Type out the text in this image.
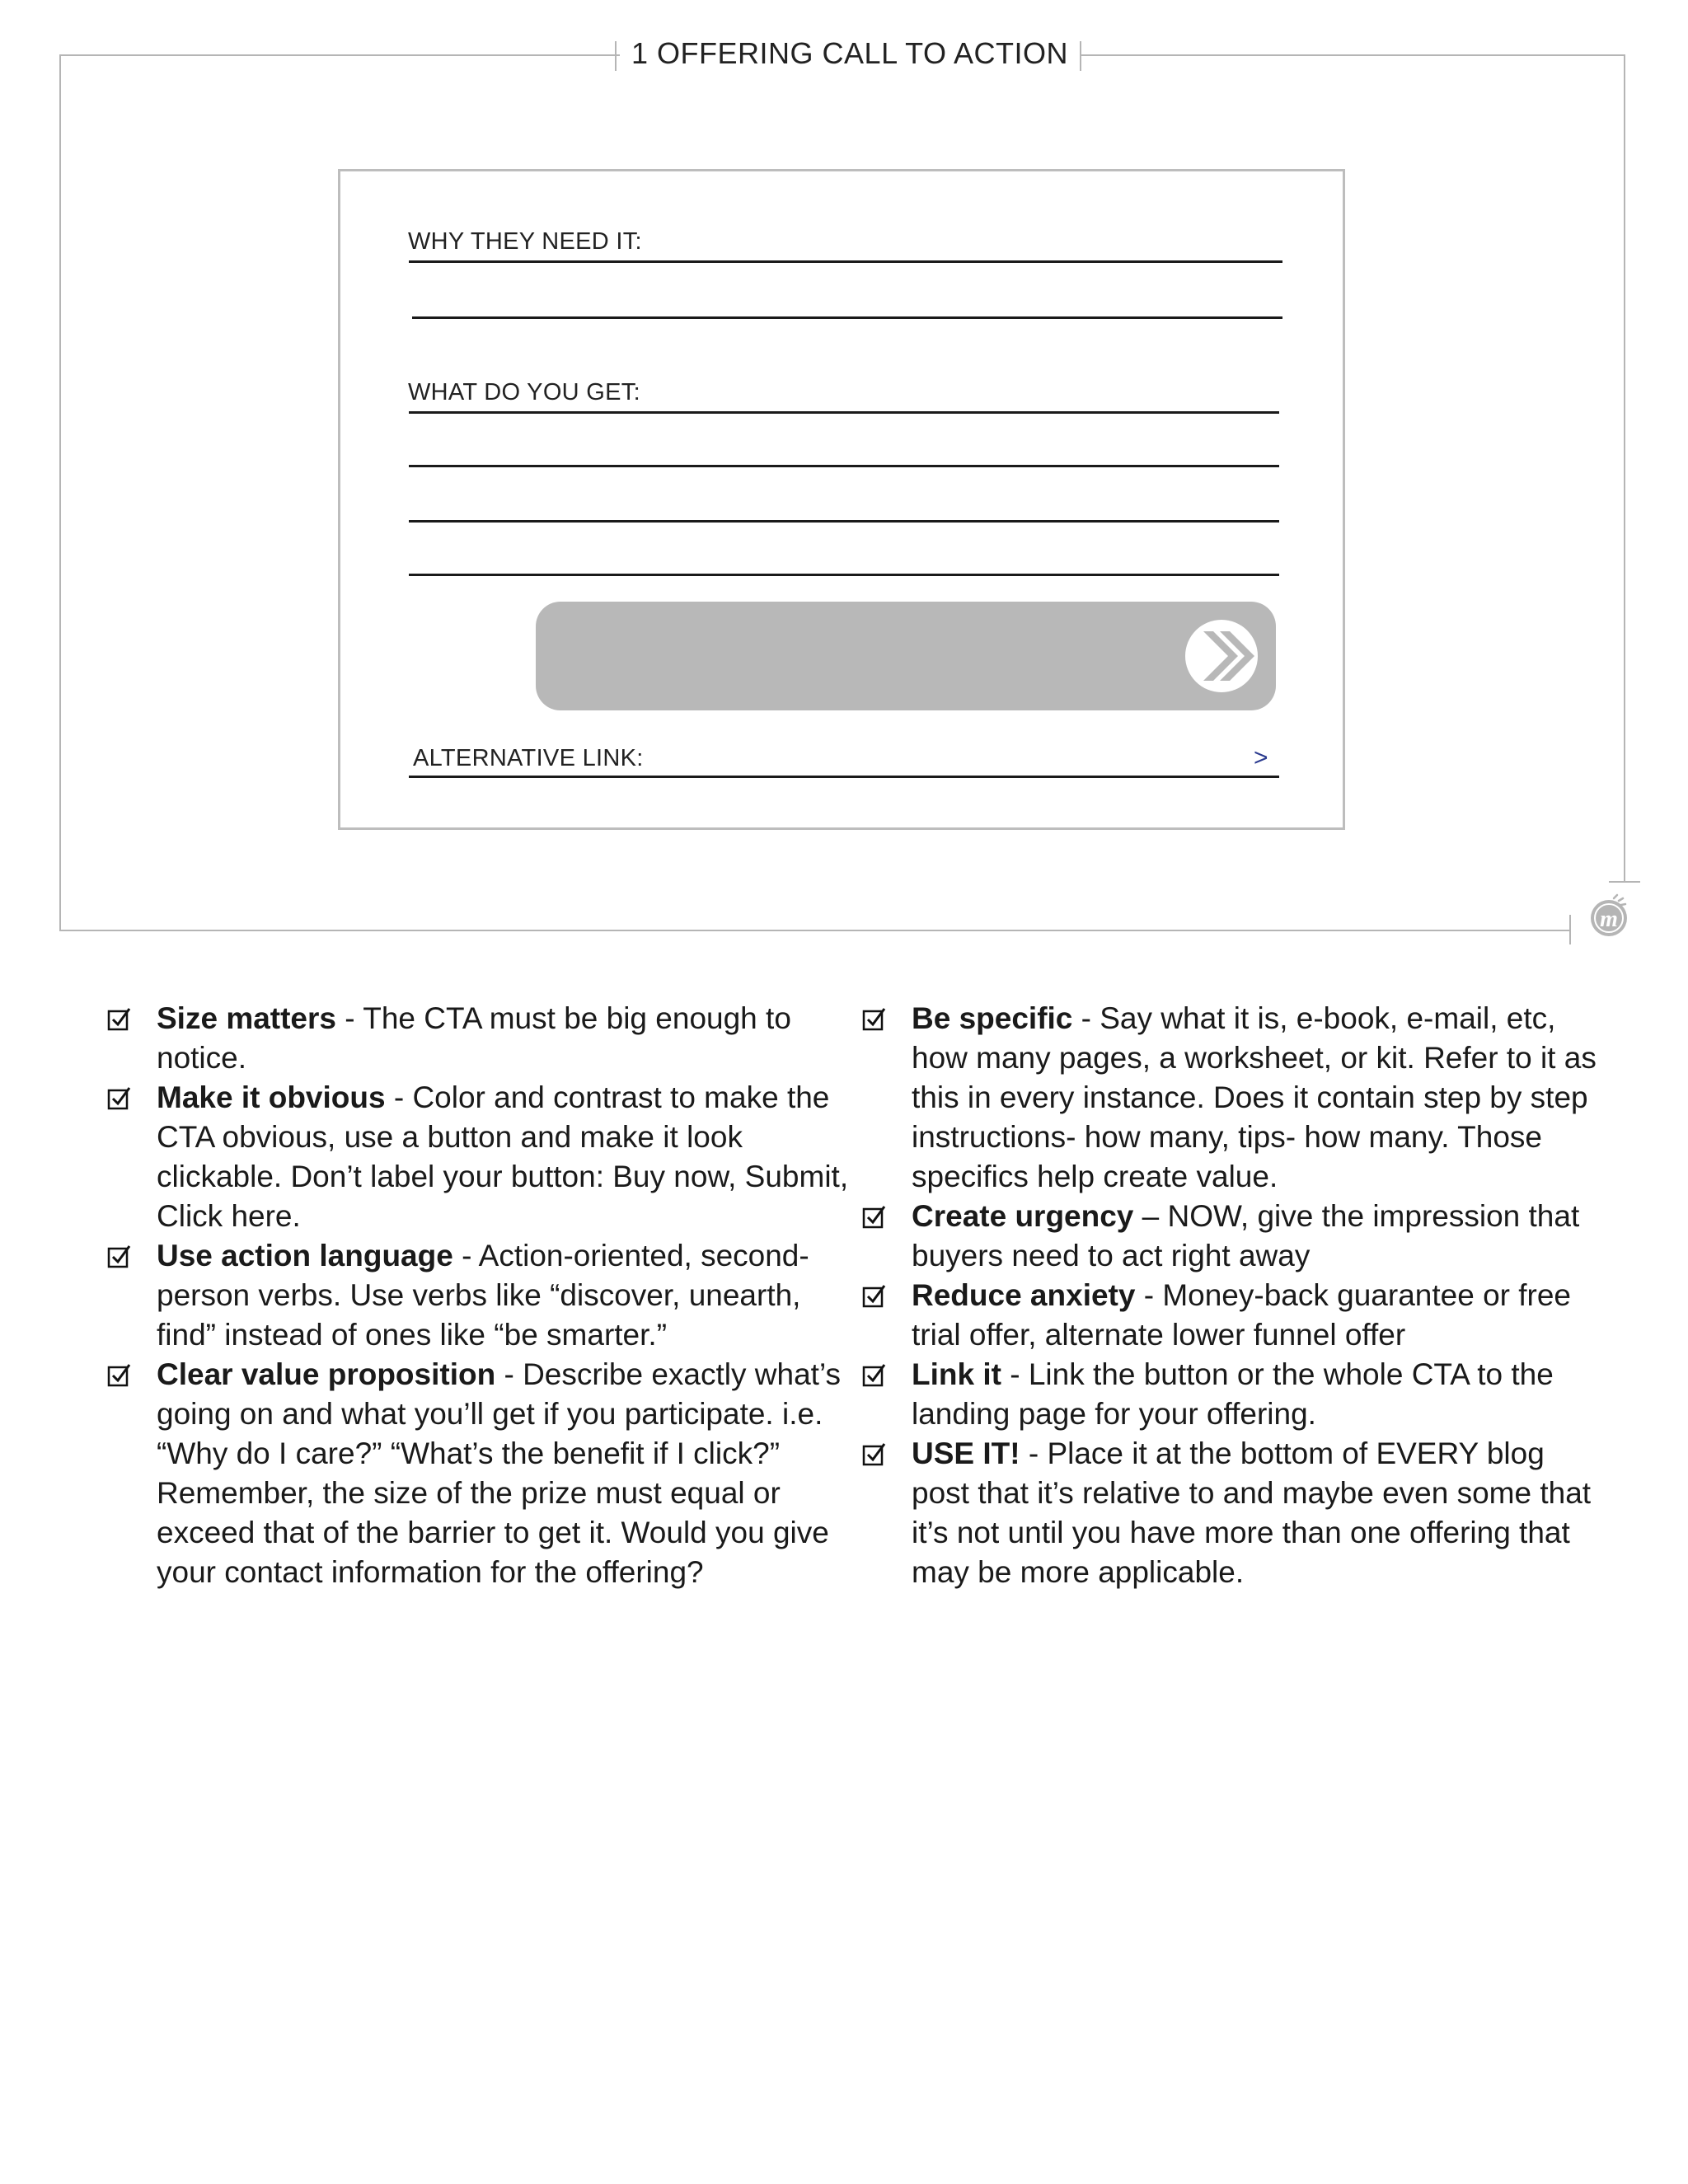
1 OFFERING CALL TO ACTION
m
WHY THEY NEED IT:
WHAT DO YOU GET:
ALTERNATIVE LINK:	>
Size matters - The CTA must be big enough to notice.
Make it obvious - Color and contrast to make the CTA obvious, use a button and make it look clickable. Don’t label your button: Buy now, Submit, Click here.
Use action language - Action-oriented, second-person verbs. Use verbs like “discover, unearth, find” instead of ones like “be smarter.”
Clear value proposition - Describe exactly what’s going on and what you’ll get if you participate. i.e. “Why do I care?” “What’s the benefit if I click?” Remember, the size of the prize must equal or exceed that of the barrier to get it. Would you give your contact information for the offering?
Be specific - Say what it is, e-book, e-mail, etc, how many pages, a worksheet, or kit. Refer to it as this in every instance. Does it contain step by step instructions- how many, tips- how many. Those specifics help create value.
Create urgency – NOW, give the impression that buyers need to act right away
Reduce anxiety - Money-back guarantee or free trial offer, alternate lower funnel offer
Link it - Link the button or the whole CTA to the landing page for your offering.
USE IT! - Place it at the bottom of EVERY blog post that it’s relative to and maybe even some that it’s not until you have more than one offering that may be more applicable.
